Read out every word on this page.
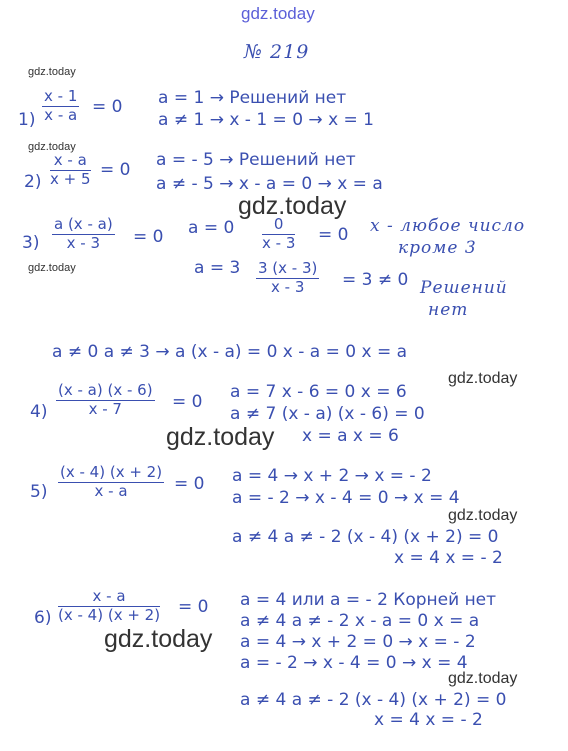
gdz.today
№ 219
gdz.today
gdz.today
gdz.today
$1) \frac{x - 1}{x - a} = 0$ a = 1 → Решений нет
a ≠ 1 → x - 1 = 0 → x = 1
$2) \frac{x - a}{x + 5} = 0$ a = - 5 → Решений нет
a ≠ - 5 → x - a = 0 → x = a
gdz.today
$3) \frac{a (x - a)}{x - 3} = 0$ $a = 0 \frac{0}{x - 3} = 0$ x - любое число
кроме 3
$a = 3 \frac{3 (x - 3)}{x - 3} = 3 \ne 0$ Решений
нет
a ≠ 0 a ≠ 3 → a (x - a) = 0 x - a = 0 x = a
gdz.today
$4) \frac{(x - a) (x - 6)}{x - 7} = 0$ a = 7 x - 6 = 0 x = 6
a ≠ 7 (x - a) (x - 6) = 0
x = a x = 6
gdz.today
$5) \frac{(x - 4) (x + 2)}{x - a} = 0$ a = 4 → x + 2 → x = - 2
a = - 2 → x - 4 = 0 → x = 4
gdz.today
a ≠ 4 a ≠ - 2 (x - 4) (x + 2) = 0
x = 4 x = - 2
$6) \frac{x - a}{(x - 4) (x + 2)} = 0$ a = 4 или a = - 2 Корней нет
a ≠ 4 a ≠ - 2 x - a = 0 x = a
a = 4 → x + 2 = 0 → x = - 2
a = - 2 → x - 4 = 0 → x = 4
gdz.today
gdz.today
a ≠ 4 a ≠ - 2 (x - 4) (x + 2) = 0
x = 4 x = - 2
